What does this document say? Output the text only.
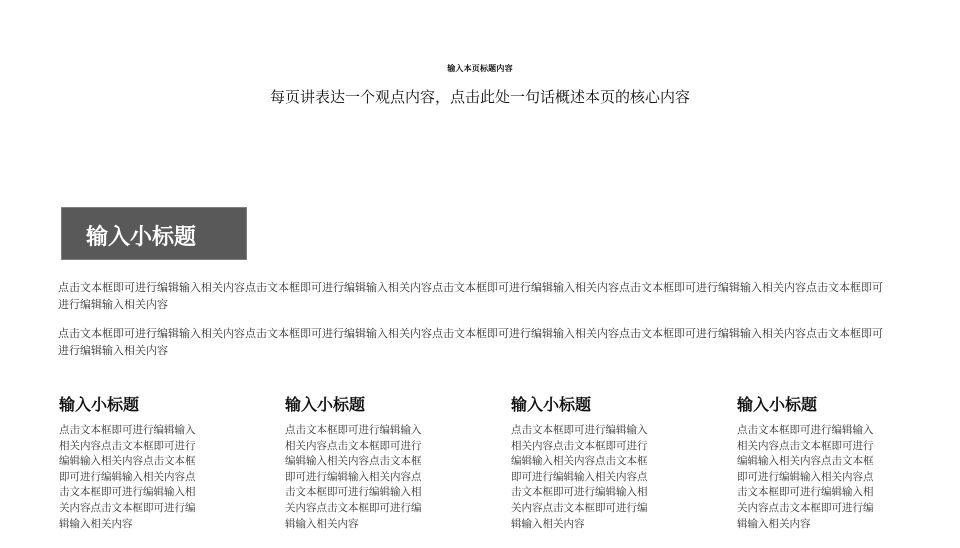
输入本页标题内容
每页讲表达一个观点内容，点击此处一句话概述本页的核心内容
输入小标题
点击文本框即可进行编辑输入相关内容点击文本框即可进行编辑输入相关内容点击文本框即可进行编辑输入相关内容点击文本框即可进行编辑输入相关内容点击文本框即可进行编辑输入相关内容
点击文本框即可进行编辑输入相关内容点击文本框即可进行编辑输入相关内容点击文本框即可进行编辑输入相关内容点击文本框即可进行编辑输入相关内容点击文本框即可进行编辑输入相关内容
输入小标题
点击文本框即可进行编辑输入相关内容点击文本框即可进行编辑输入相关内容点击文本框即可进行编辑输入相关内容点击文本框即可进行编辑输入相关内容点击文本框即可进行编辑输入相关内容
输入小标题
点击文本框即可进行编辑输入相关内容点击文本框即可进行编辑输入相关内容点击文本框即可进行编辑输入相关内容点击文本框即可进行编辑输入相关内容点击文本框即可进行编辑输入相关内容
输入小标题
点击文本框即可进行编辑输入相关内容点击文本框即可进行编辑输入相关内容点击文本框即可进行编辑输入相关内容点击文本框即可进行编辑输入相关内容点击文本框即可进行编辑输入相关内容
输入小标题
点击文本框即可进行编辑输入相关内容点击文本框即可进行编辑输入相关内容点击文本框即可进行编辑输入相关内容点击文本框即可进行编辑输入相关内容点击文本框即可进行编辑输入相关内容
